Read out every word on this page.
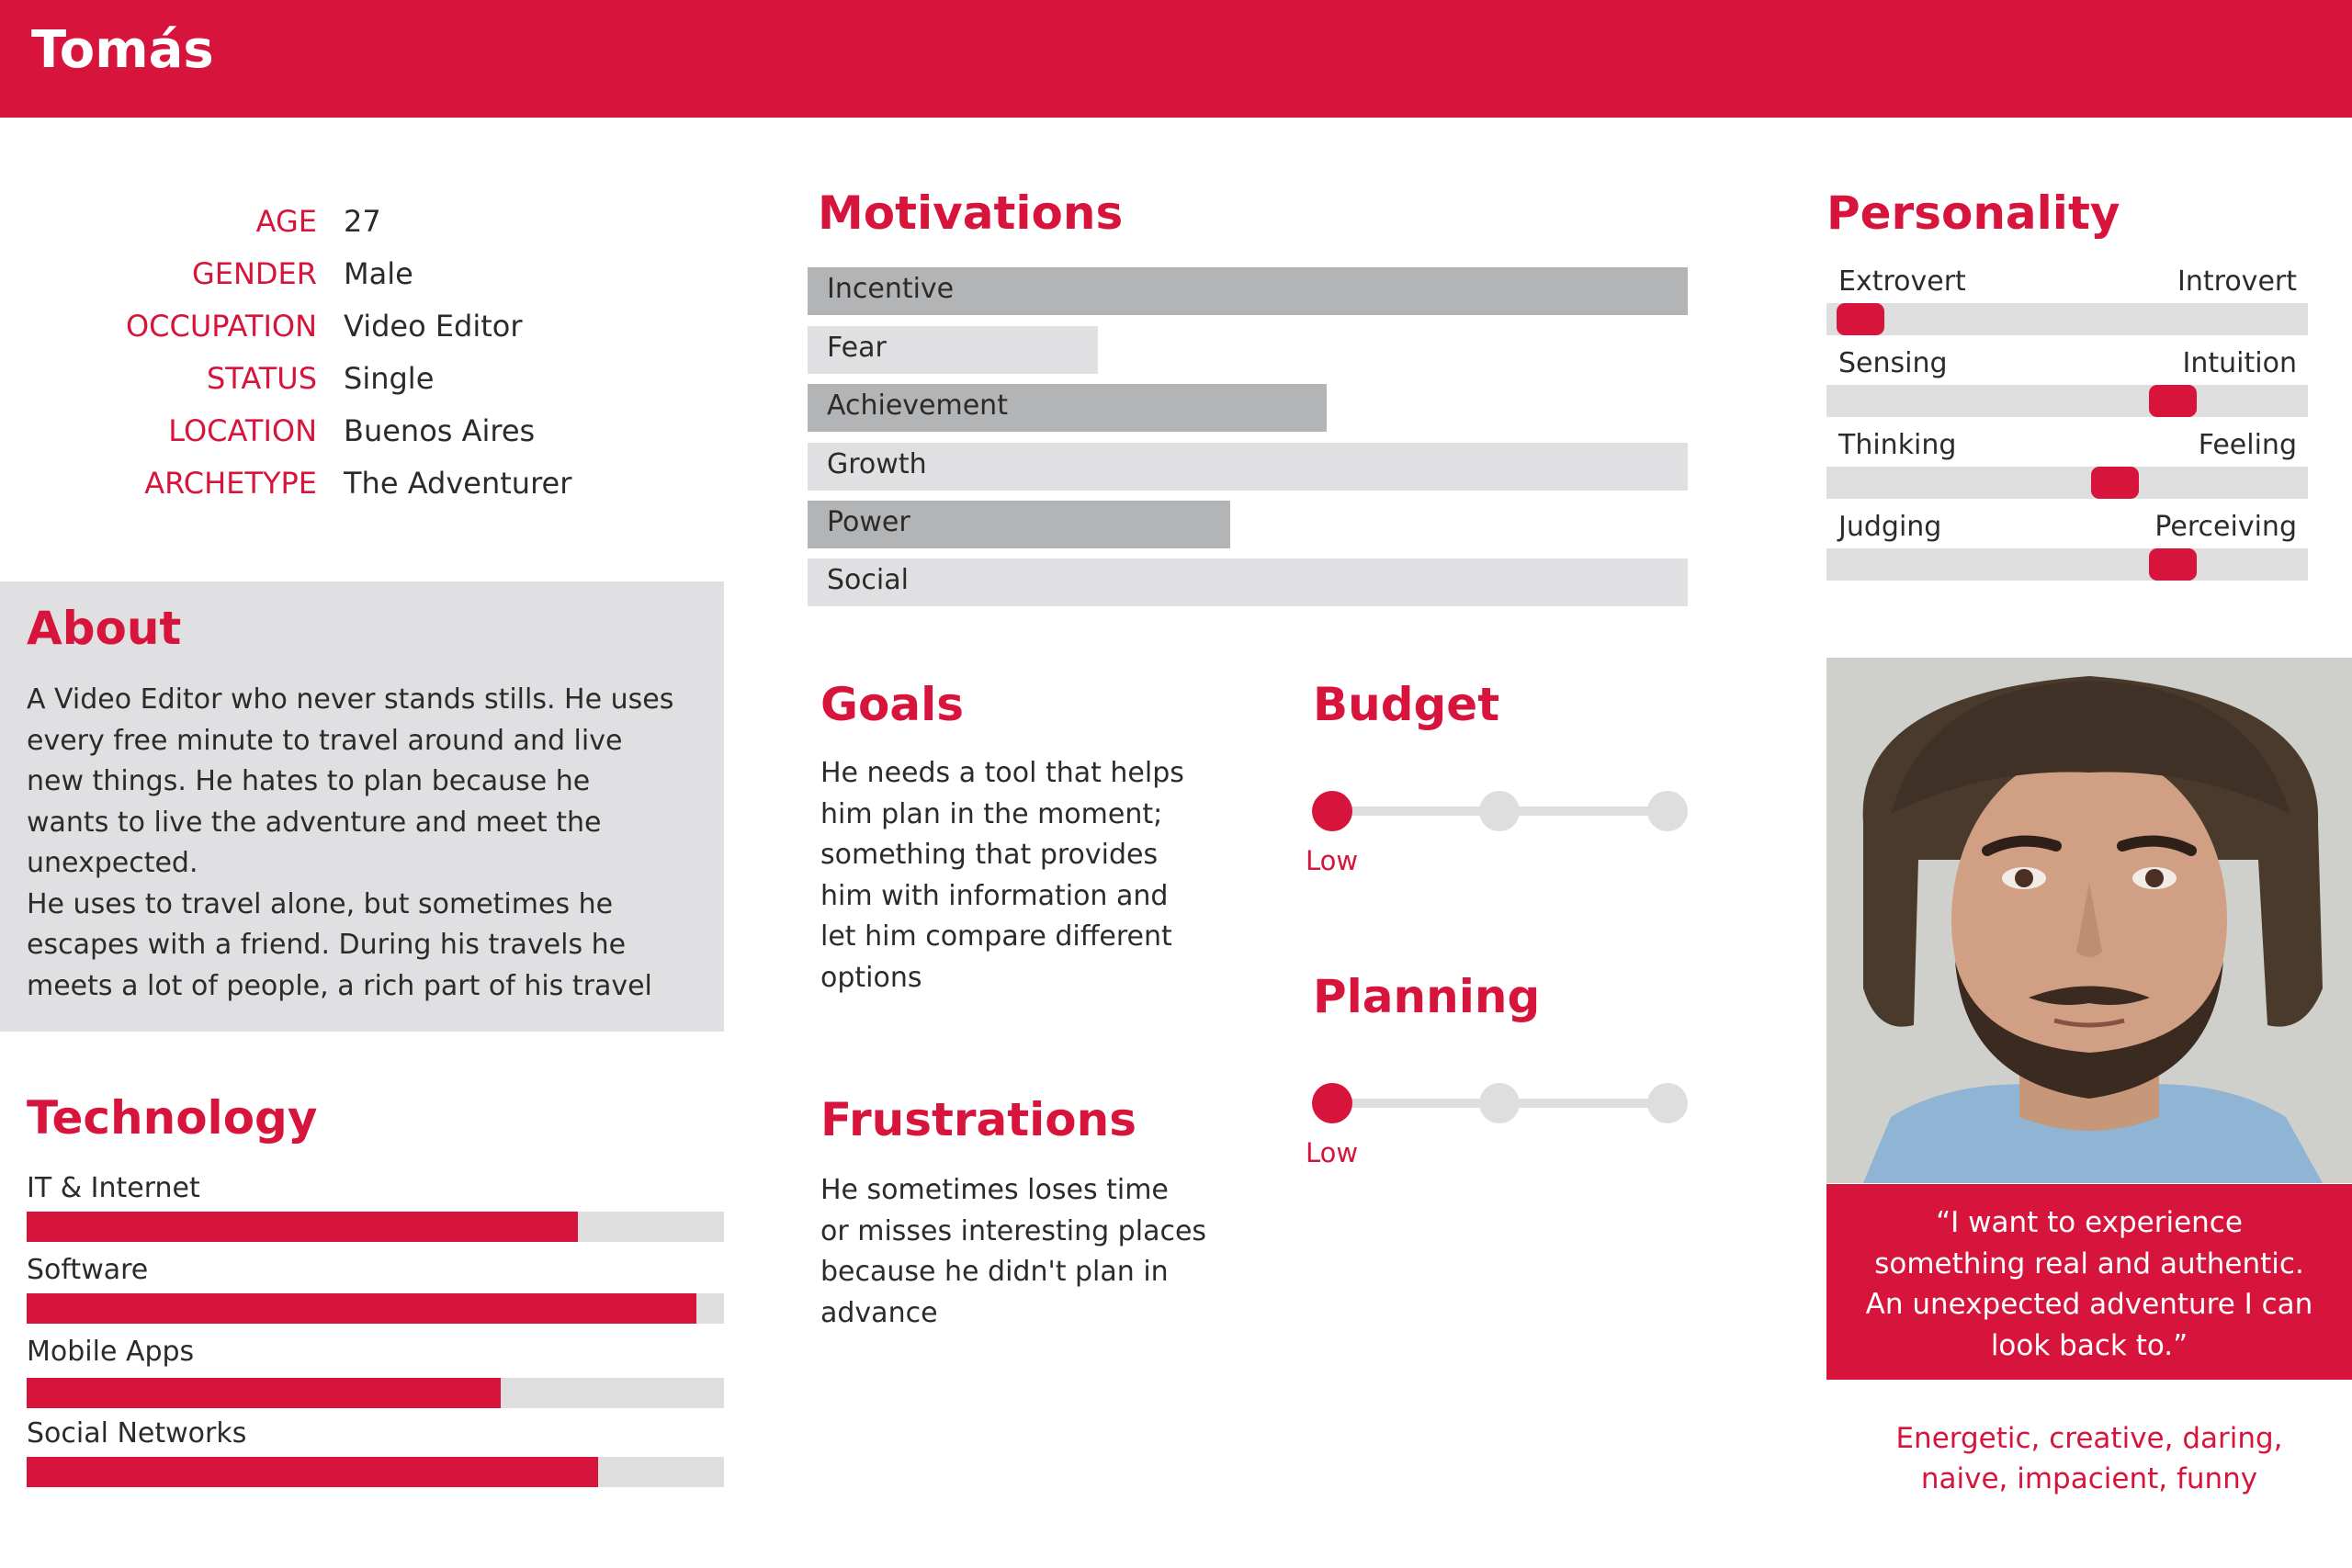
Tomás
AGE 27
GENDER Male
OCCUPATION Video Editor
STATUS Single
LOCATION Buenos Aires
ARCHETYPE The Adventurer
About
A Video Editor who never stands stills. He uses
every free minute to travel around and live
new things. He hates to plan because he
wants to live the adventure and meet the
unexpected.
He uses to travel alone, but sometimes he
escapes with a friend. During his travels he
meets a lot of people, a rich part of his travel
Technology
IT & Internet
Software
Mobile Apps
Social Networks
Motivations
Incentive
Fear
Achievement
Growth
Power
Social
Goals
He needs a tool that helps
him plan in the moment;
something that provides
him with information and
let him compare different
options
Frustrations
He sometimes loses time
or misses interesting places
because he didn't plan in
advance
Budget
Low
Planning
Low
Personality
Extrovert	Introvert
Sensing	Intuition
Thinking	Feeling
Judging	Perceiving
“I want to experience
something real and authentic.
An unexpected adventure I can
look back to.”
Energetic, creative, daring,
naive, impacient, funny
